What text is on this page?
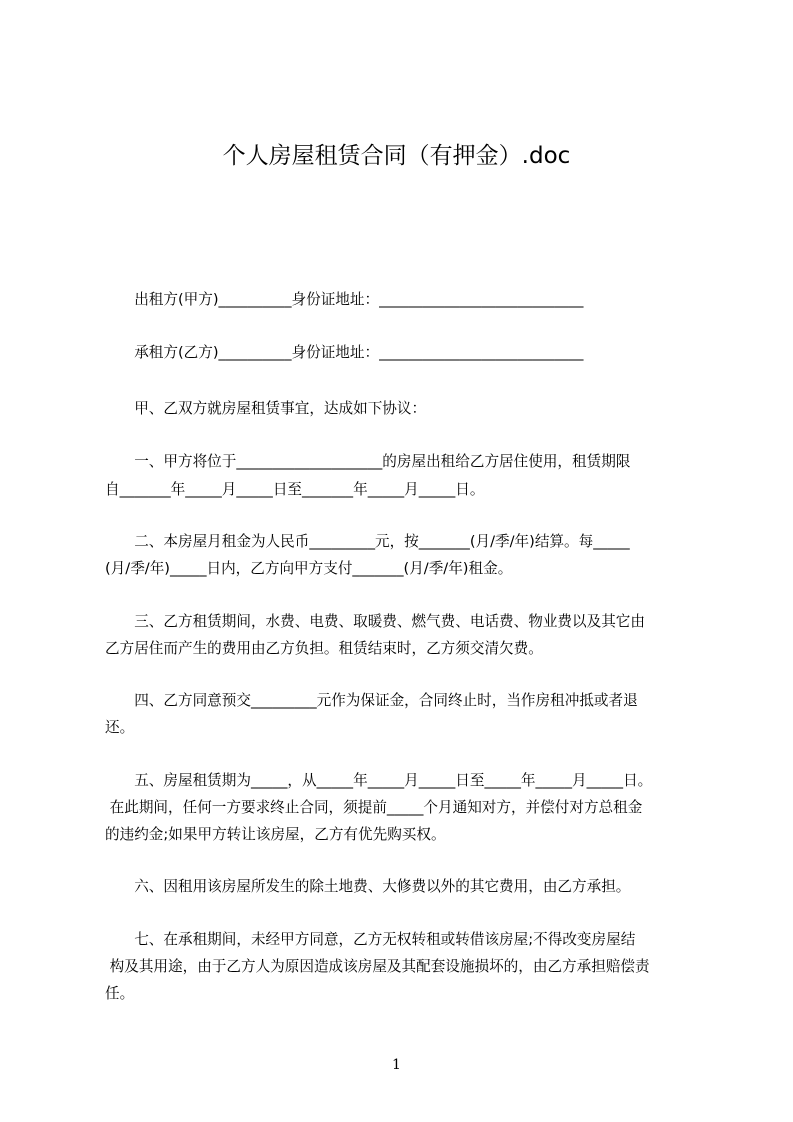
个人房屋租赁合同（有押金）.doc
　　出租方(甲方)__________身份证地址：____________________________
　　承租方(乙方)__________身份证地址：____________________________
　　甲、乙双方就房屋租赁事宜，达成如下协议：
　　一、甲方将位于____________________的房屋出租给乙方居住使用，租赁期限
自_______年_____月_____日至_______年_____月_____日。
　　二、本房屋月租金为人民币_________元，按_______(月/季/年)结算。每_____
(月/季/年)_____日内，乙方向甲方支付_______(月/季/年)租金。
　　三、乙方租赁期间，水费、电费、取暖费、燃气费、电话费、物业费以及其它由
乙方居住而产生的费用由乙方负担。租赁结束时，乙方须交清欠费。
　　四、乙方同意预交_________元作为保证金，合同终止时，当作房租冲抵或者退
还。
　　五、房屋租赁期为_____，从_____年_____月_____日至_____年_____月_____日。
在此期间，任何一方要求终止合同，须提前_____个月通知对方，并偿付对方总租金
的违约金;如果甲方转让该房屋，乙方有优先购买权。
　　六、因租用该房屋所发生的除土地费、大修费以外的其它费用，由乙方承担。
　　七、在承租期间，未经甲方同意，乙方无权转租或转借该房屋;不得改变房屋结
构及其用途，由于乙方人为原因造成该房屋及其配套设施损坏的，由乙方承担赔偿责
任。
1
